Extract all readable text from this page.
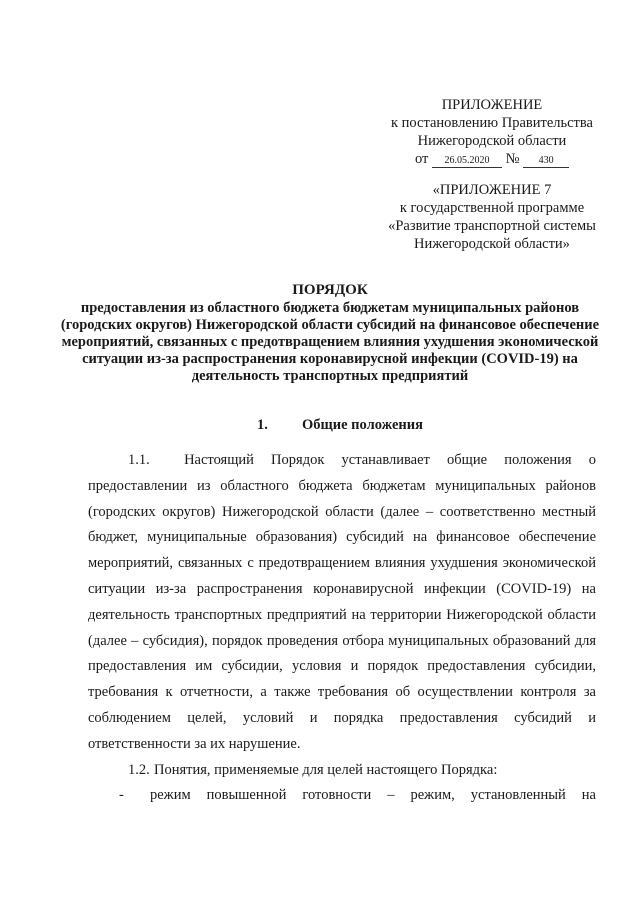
ПРИЛОЖЕНИЕ
к постановлению Правительства
Нижегородской области
от 26.05.2020 № 430
«ПРИЛОЖЕНИЕ 7
к государственной программе
«Развитие транспортной системы
Нижегородской области»
ПОРЯДОК
предоставления из областного бюджета бюджетам муниципальных районов (городских округов) Нижегородской области субсидий на финансовое обеспечение мероприятий, связанных с предотвращением влияния ухудшения экономической ситуации из-за распространения коронавирусной инфекции (COVID-19) на деятельность транспортных предприятий
1. Общие положения

1.1. Настоящий Порядок устанавливает общие положения о предоставлении из областного бюджета бюджетам муниципальных районов (городских округов) Нижегородской области (далее – соответственно местный бюджет, муниципальные образования) субсидий на финансовое обеспечение мероприятий, связанных с предотвращением влияния ухудшения экономической ситуации из-за распространения коронавирусной инфекции (COVID-19) на деятельность транспортных предприятий на территории Нижегородской области (далее – субсидия), порядок проведения отбора муниципальных образований для предоставления им субсидии, условия и порядок предоставления субсидии, требования к отчетности, а также требования об осуществлении контроля за соблюдением целей, условий и порядка предоставления субсидий и ответственности за их нарушение.

1.2. Понятия, применяемые для целей настоящего Порядка:

-	режим повышенной готовности – режим, установленный на
